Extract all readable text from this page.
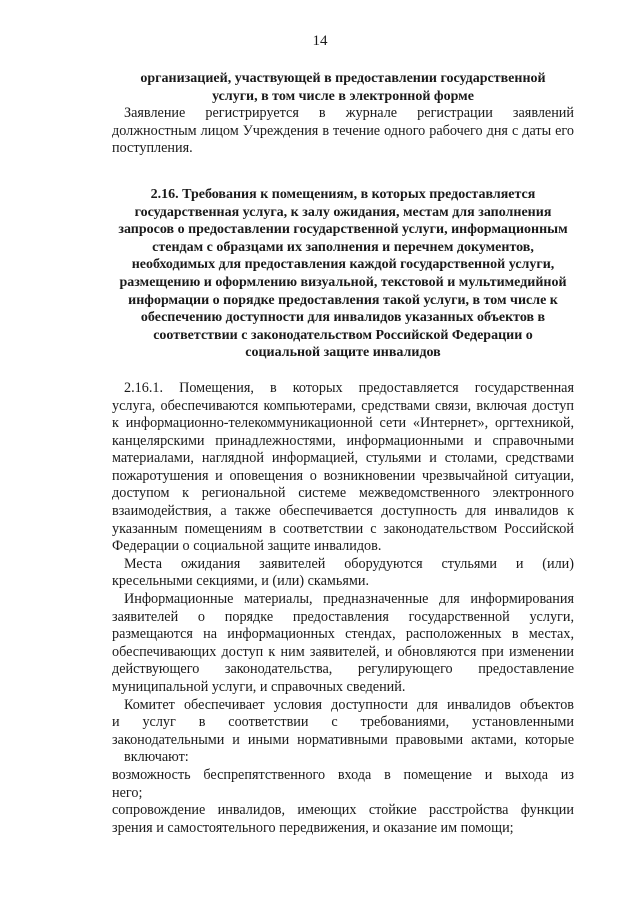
14
организацией, участвующей в предоставлении государственной
услуги, в том числе в электронной форме
Заявление регистрируется в журнале регистрации заявлений
должностным лицом Учреждения в течение одного рабочего дня с даты его
поступления.
2.16. Требования к помещениям, в которых предоставляется
государственная услуга, к залу ожидания, местам для заполнения
запросов о предоставлении государственной услуги, информационным
стендам с образцами их заполнения и перечнем документов,
необходимых для предоставления каждой государственной услуги,
размещению и оформлению визуальной, текстовой и мультимедийной
информации о порядке предоставления такой услуги, в том числе к
обеспечению доступности для инвалидов указанных объектов в
соответствии с законодательством Российской Федерации о
социальной защите инвалидов
2.16.1. Помещения, в которых предоставляется государственная
услуга, обеспечиваются компьютерами, средствами связи, включая доступ
к информационно-телекоммуникационной сети «Интернет», оргтехникой,
канцелярскими принадлежностями, информационными и справочными
материалами, наглядной информацией, стульями и столами, средствами
пожаротушения и оповещения о возникновении чрезвычайной ситуации,
доступом к региональной системе межведомственного электронного
взаимодействия, а также обеспечивается доступность для инвалидов к
указанным помещениям в соответствии с законодательством Российской
Федерации о социальной защите инвалидов.
Места ожидания заявителей оборудуются стульями и (или)
кресельными секциями, и (или) скамьями.
Информационные материалы, предназначенные для информирования
заявителей о порядке предоставления государственной услуги,
размещаются на информационных стендах, расположенных в местах,
обеспечивающих доступ к ним заявителей, и обновляются при изменении
действующего законодательства, регулирующего предоставление
муниципальной услуги, и справочных сведений.
Комитет обеспечивает условия доступности для инвалидов объектов
и услуг в соответствии с требованиями, установленными
законодательными и иными нормативными правовыми актами, которые
включают:
возможность беспрепятственного входа в помещение и выхода из
него;
сопровождение инвалидов, имеющих стойкие расстройства функции
зрения и самостоятельного передвижения, и оказание им помощи;
